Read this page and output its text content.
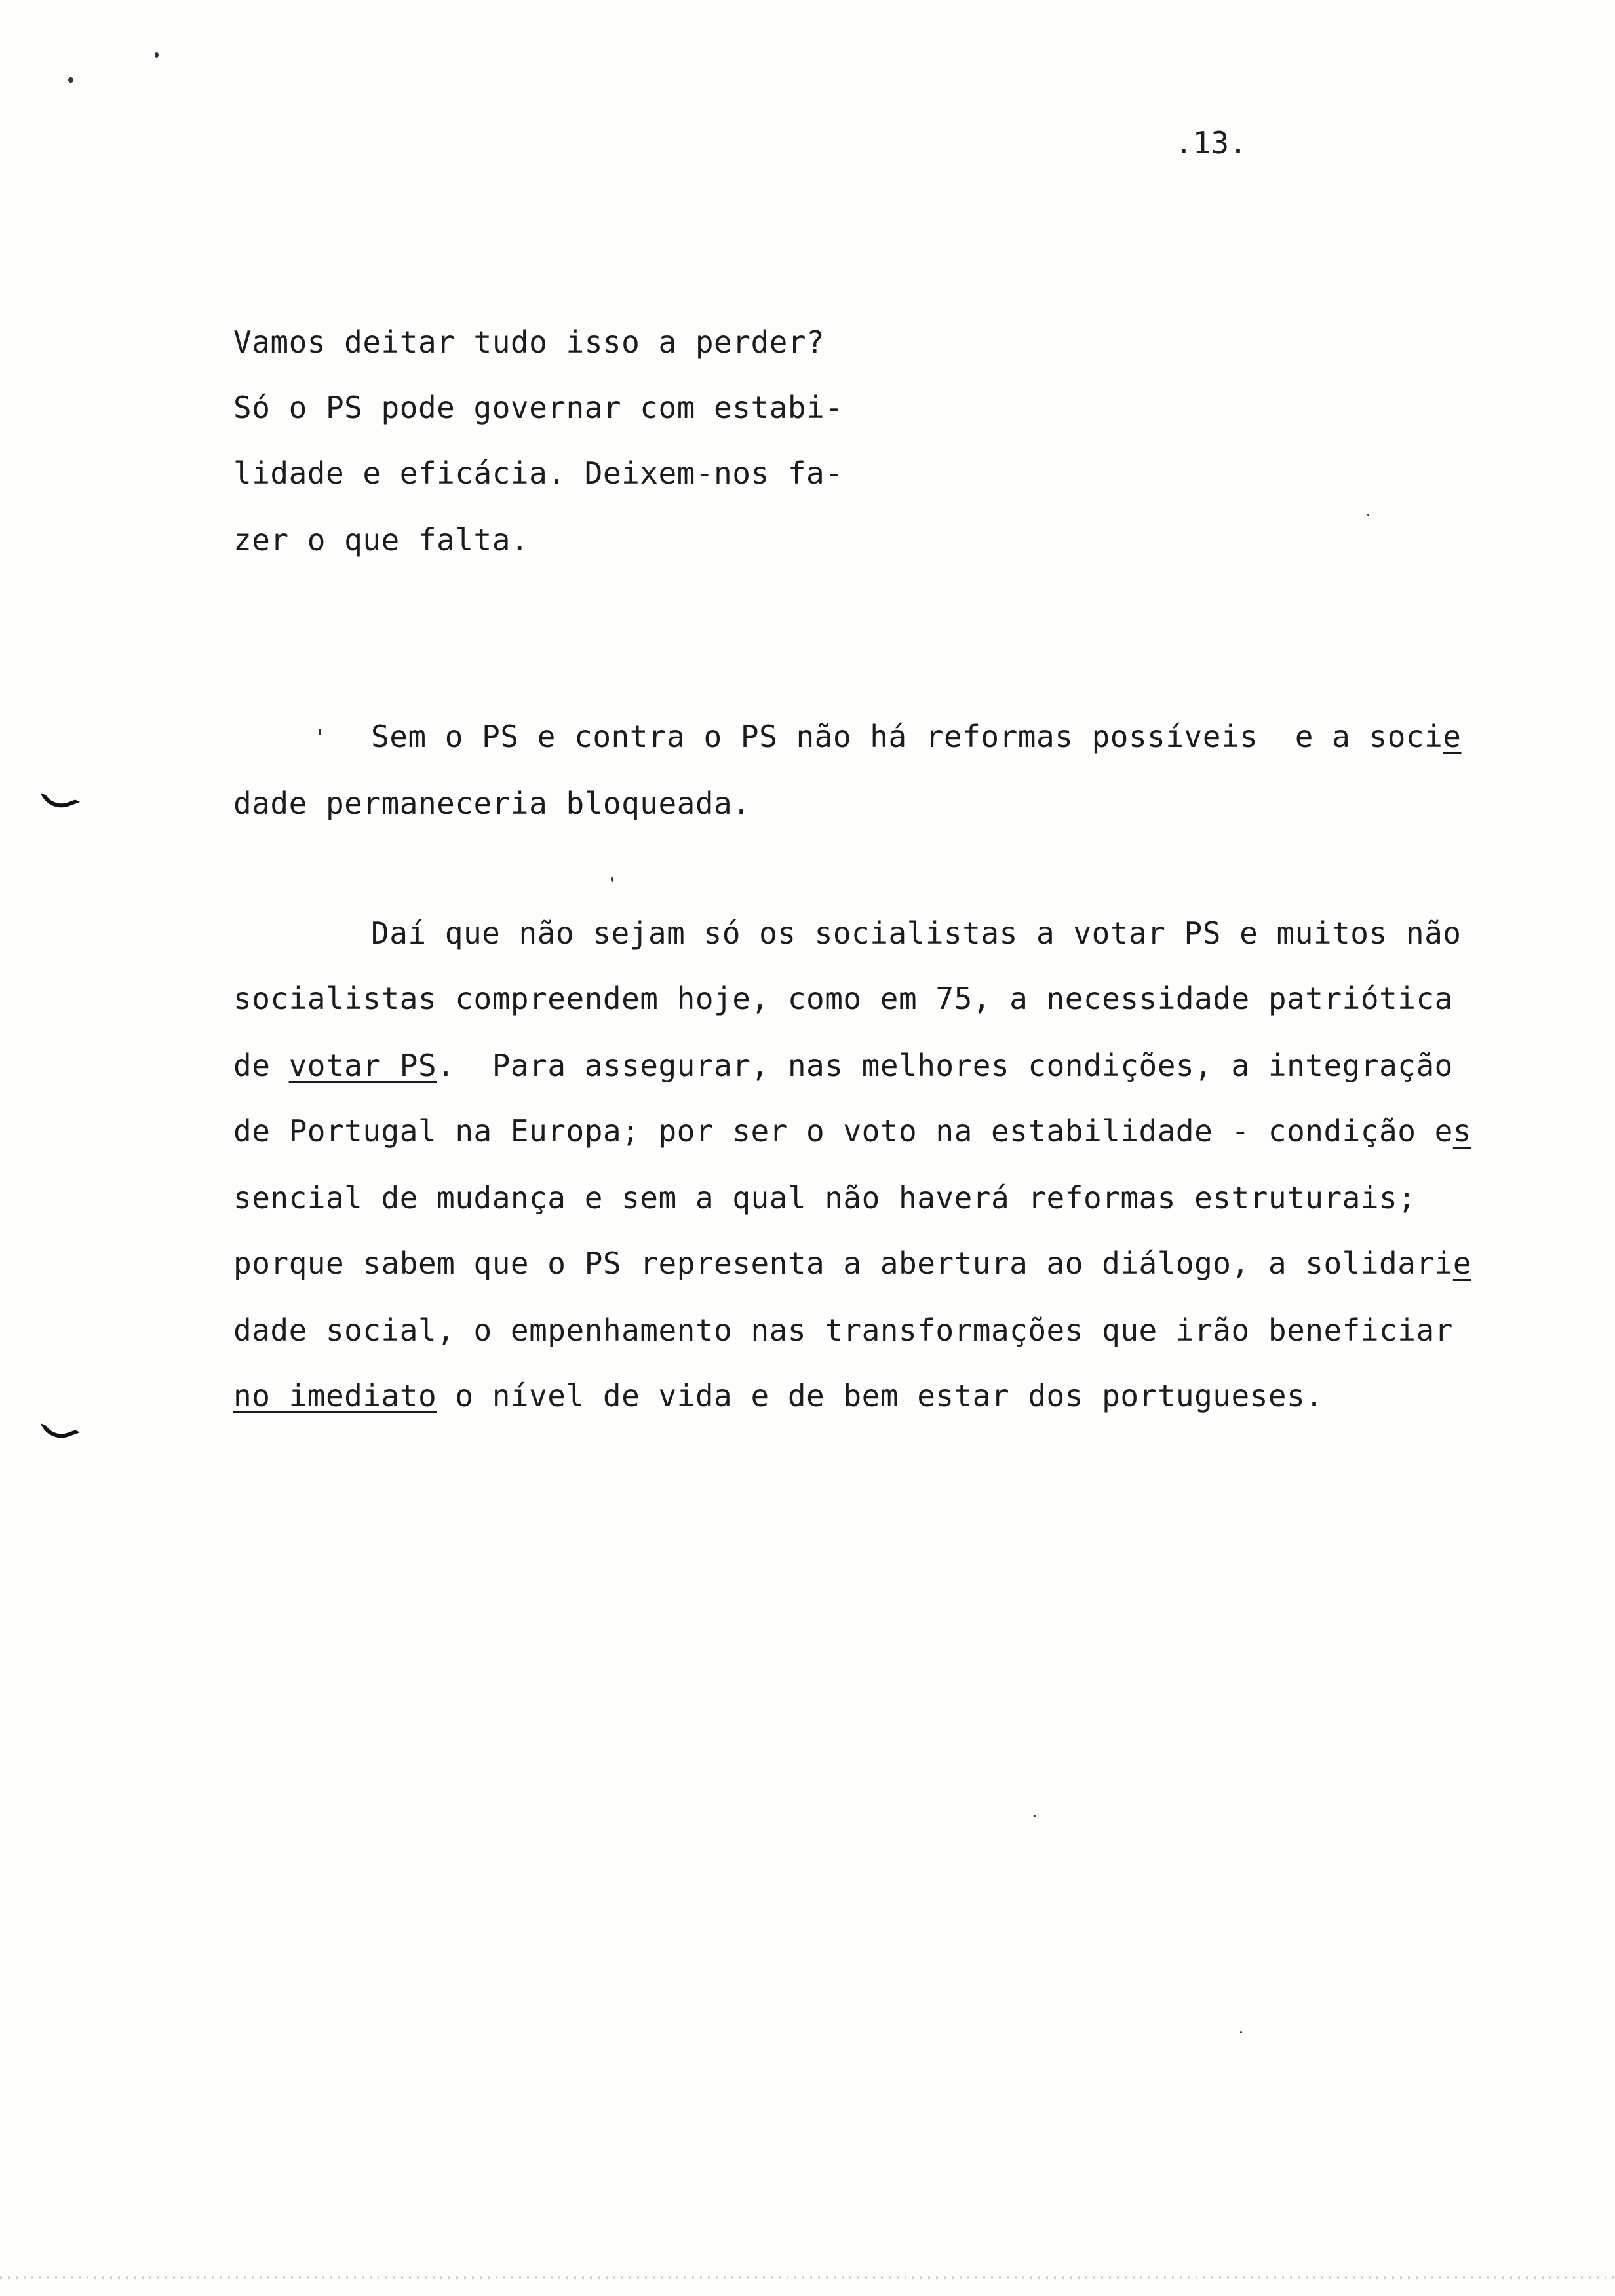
.13.
Vamos deitar tudo isso a perder?
Só o PS pode governar com estabi-
lidade e eficácia. Deixem-nos fa-
zer o que falta.
Sem o PS e contra o PS não há reformas possíveis  e a socie
dade permaneceria bloqueada.
Daí que não sejam só os socialistas a votar PS e muitos não
socialistas compreendem hoje, como em 75, a necessidade patriótica
de votar PS.  Para assegurar, nas melhores condições, a integração
de Portugal na Europa; por ser o voto na estabilidade - condição es
sencial de mudança e sem a qual não haverá reformas estruturais;
porque sabem que o PS representa a abertura ao diálogo, a solidarie
dade social, o empenhamento nas transformações que irão beneficiar
no imediato o nível de vida e de bem estar dos portugueses.
